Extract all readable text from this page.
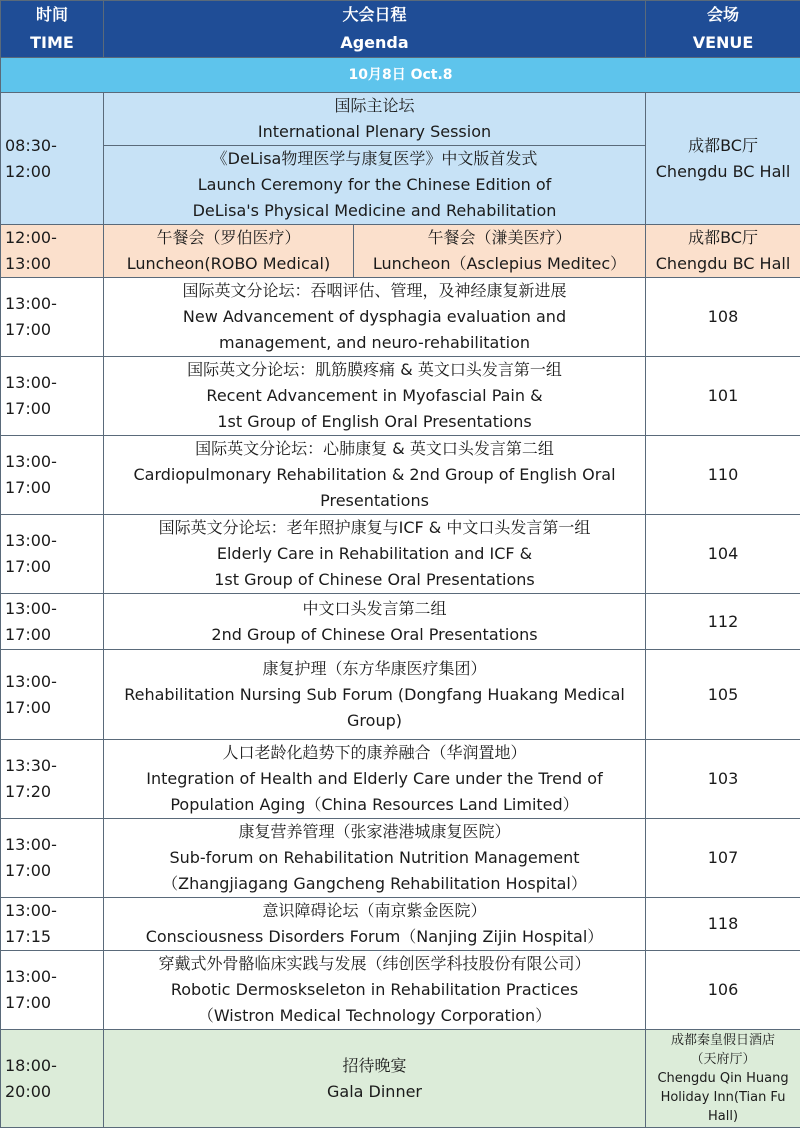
时间
TIME	大会日程
Agenda		会场
VENUE

10月8日 Oct.8			
08:30-12:00	国际主论坛
International Plenary Session		成都BC厅
Chengdu BC Hall

	《DeLisa物理医学与康复医学》中文版首发式
Launch Ceremony for the Chinese Edition of
DeLisa's Physical Medicine and Rehabilitation		

12:00-13:00	午餐会（罗伯医疗）
Luncheon(ROBO Medical)	午餐会（溓美医疗）
Luncheon（Asclepius Meditec）	成都BC厅
Chengdu BC Hall

13:00-17:00	国际英文分论坛：吞咽评估、管理，及神经康复新进展
New Advancement of dysphagia evaluation and
management, and neuro-rehabilitation		108
13:00-17:00	国际英文分论坛：肌筋膜疼痛 & 英文口头发言第一组
Recent Advancement in Myofascial Pain &
1st Group of English Oral Presentations		101
13:00-17:00	国际英文分论坛：心肺康复 & 英文口头发言第二组
Cardiopulmonary Rehabilitation & 2nd Group of English Oral
Presentations		110
13:00-17:00	国际英文分论坛：老年照护康复与ICF & 中文口头发言第一组
Elderly Care in Rehabilitation and ICF &
1st Group of Chinese Oral Presentations		104
13:00-17:00	中文口头发言第二组
2nd Group of Chinese Oral Presentations		112
13:00-17:00	康复护理（东方华康医疗集团）
Rehabilitation Nursing Sub Forum (Dongfang Huakang Medical
Group)		105
13:30-17:20	人口老龄化趋势下的康养融合（华润置地）
Integration of Health and Elderly Care under the Trend of
Population Aging（China Resources Land Limited）		103
13:00-17:00	康复营养管理（张家港港城康复医院）
Sub-forum on Rehabilitation Nutrition Management
（Zhangjiagang Gangcheng Rehabilitation Hospital）		107
13:00-17:15	意识障碍论坛（南京紫金医院）
Consciousness Disorders Forum（Nanjing Zijin Hospital）		118
13:00-17:00	穿戴式外骨骼临床实践与发展（纬创医学科技股份有限公司）
Robotic Dermoskseleton in Rehabilitation Practices
（Wistron Medical Technology Corporation）		106
18:00-20:00	招待晚宴
Gala Dinner		成都秦皇假日酒店
（天府厅）
Chengdu Qin Huang
Holiday Inn(Tian Fu
Hall)
